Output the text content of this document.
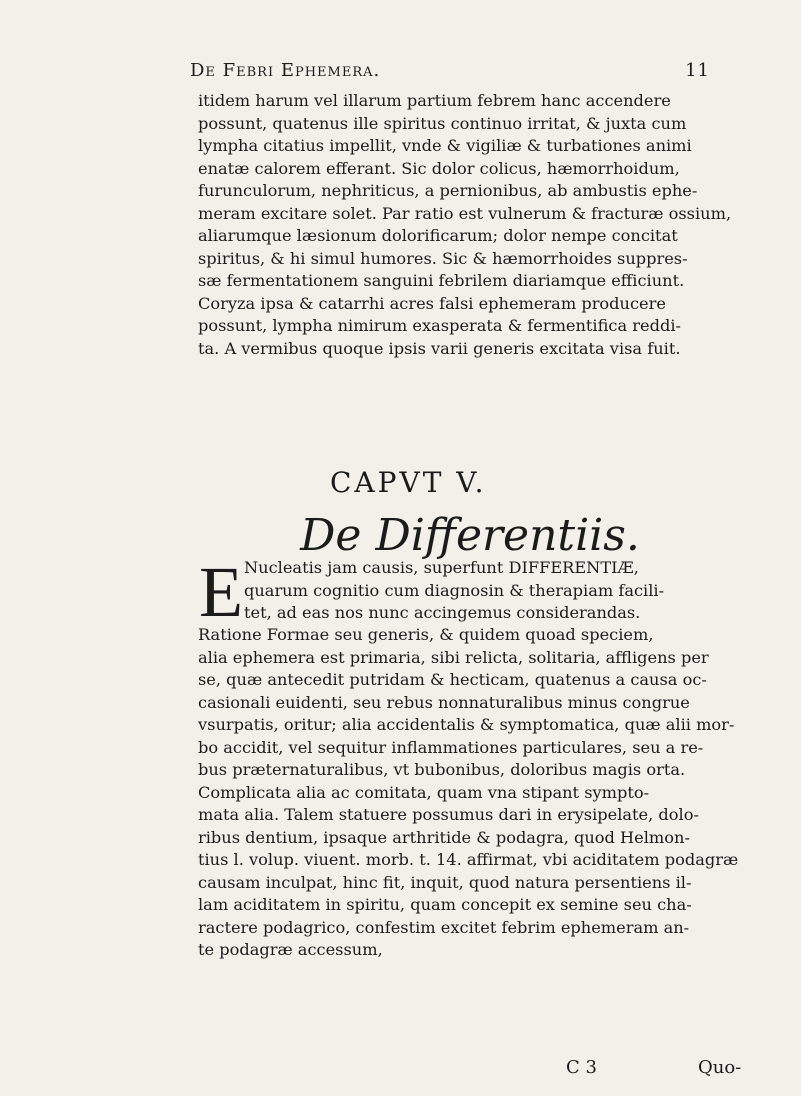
De Febri Ephemera.	11

itidem harum vel illarum partium febrem hanc accendere
possunt, quatenus ille spiritus continuo irritat, & juxta cum
lympha citatius impellit, vnde & vigiliæ & turbationes animi
enatæ calorem efferant. Sic dolor colicus, hæmorrhoidum,
furunculorum, nephriticus, a pernionibus, ab ambustis ephe-
meram excitare solet. Par ratio est vulnerum & fracturæ ossium,
aliarumque læsionum dolorificarum; dolor nempe concitat
spiritus, & hi simul humores. Sic & hæmorrhoides suppres-
sæ fermentationem sanguini febrilem diariamque efficiunt.
Coryza ipsa & catarrhi acres falsi ephemeram producere
possunt, lympha nimirum exasperata & fermentifica reddi-
ta. A vermibus quoque ipsis varii generis excitata visa fuit.

CAPVT V.
De Differentiis.
E Nucleatis jam causis, superfunt DIFFERENTIÆ,
quarum cognitio cum diagnosin & therapiam facili-
tet, ad eas nos nunc accingemus considerandas.

Ratione Formae seu generis, & quidem quoad speciem,
alia ephemera est primaria, sibi relicta, solitaria, affligens per
se, quæ antecedit putridam & hecticam, quatenus a causa oc-
casionali euidenti, seu rebus nonnaturalibus minus congrue
vsurpatis, oritur; alia accidentalis & symptomatica, quæ alii mor-
bo accidit, vel sequitur inflammationes particulares, seu a re-
bus præternaturalibus, vt bubonibus, doloribus magis orta.
Complicata alia ac comitata, quam vna stipant sympto-
mata alia. Talem statuere possumus dari in erysipelate, dolo-
ribus dentium, ipsaque arthritide & podagra, quod Helmon-
tius l. volup. viuent. morb. t. 14. affirmat, vbi aciditatem podagræ
causam inculpat, hinc fit, inquit, quod natura persentiens il-
lam aciditatem in spiritu, quam concepit ex semine seu cha-
ractere podagrico, confestim excitet febrim ephemeram an-
te podagræ accessum,

C 3	Quo-
